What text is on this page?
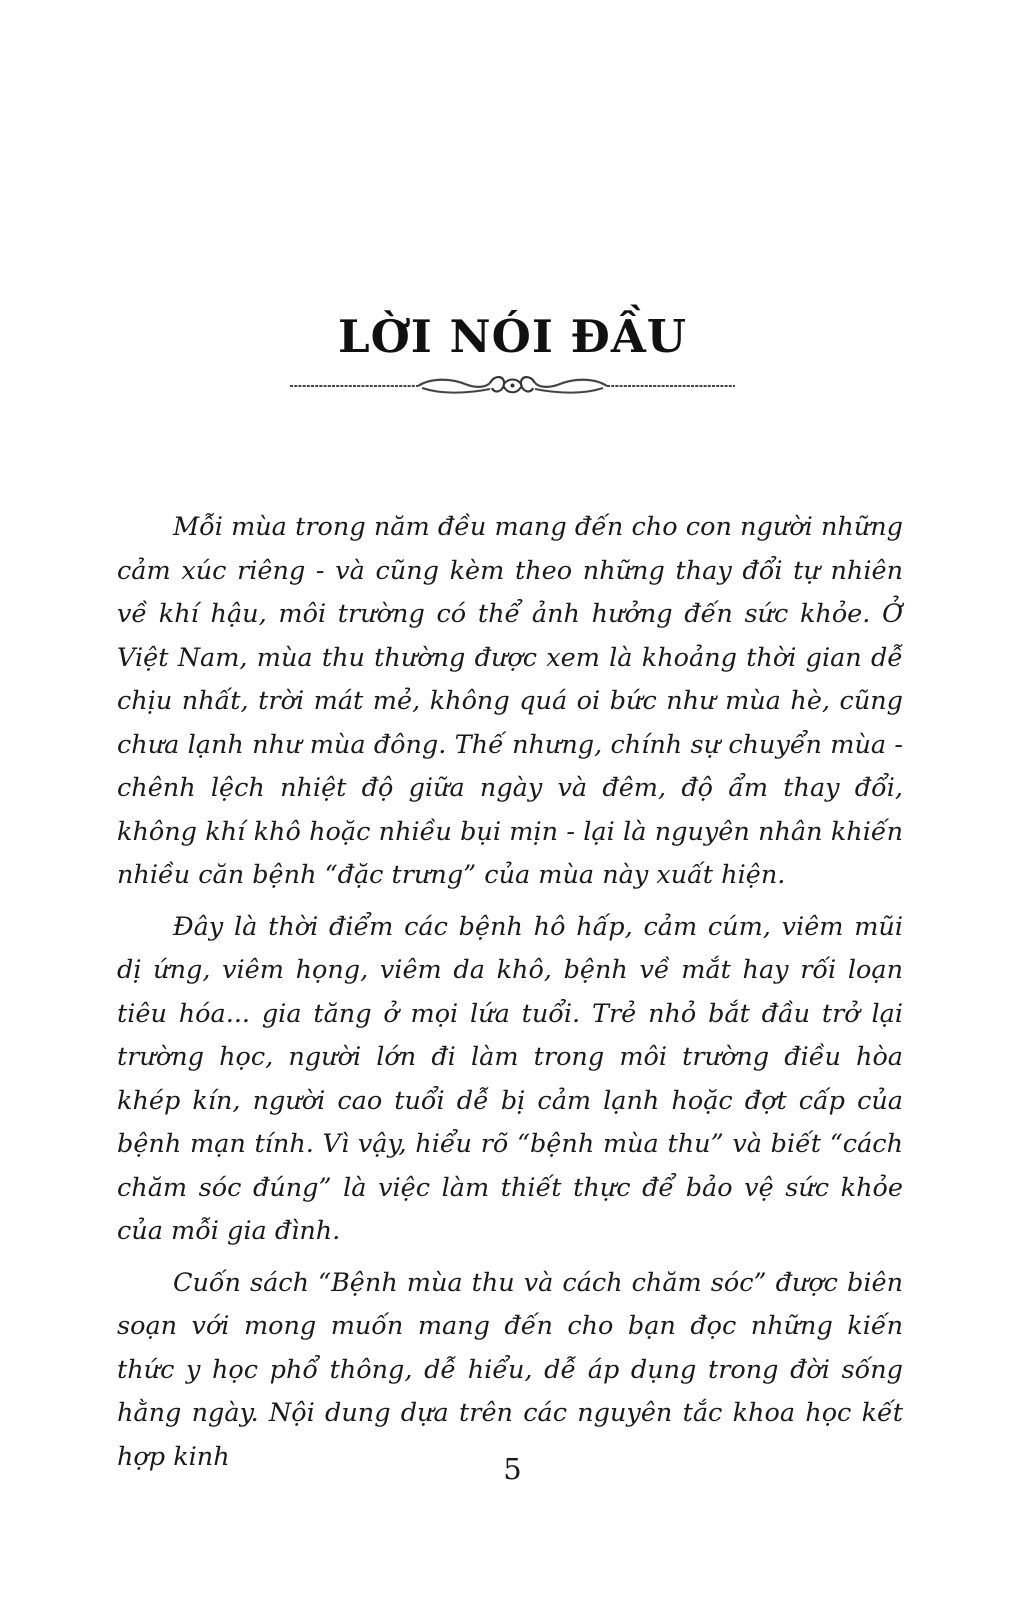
LỜI NÓI ĐẦU

Mỗi mùa trong năm đều mang đến cho con người những cảm xúc riêng - và cũng kèm theo những thay đổi tự nhiên về khí hậu, môi trường có thể ảnh hưởng đến sức khỏe. Ở Việt Nam, mùa thu thường được xem là khoảng thời gian dễ chịu nhất, trời mát mẻ, không quá oi bức như mùa hè, cũng chưa lạnh như mùa đông. Thế nhưng, chính sự chuyển mùa - chênh lệch nhiệt độ giữa ngày và đêm, độ ẩm thay đổi, không khí khô hoặc nhiều bụi mịn - lại là nguyên nhân khiến nhiều căn bệnh “đặc trưng” của mùa này xuất hiện.

Đây là thời điểm các bệnh hô hấp, cảm cúm, viêm mũi dị ứng, viêm họng, viêm da khô, bệnh về mắt hay rối loạn tiêu hóa... gia tăng ở mọi lứa tuổi. Trẻ nhỏ bắt đầu trở lại trường học, người lớn đi làm trong môi trường điều hòa khép kín, người cao tuổi dễ bị cảm lạnh hoặc đợt cấp của bệnh mạn tính. Vì vậy, hiểu rõ “bệnh mùa thu” và biết “cách chăm sóc đúng” là việc làm thiết thực để bảo vệ sức khỏe của mỗi gia đình.

Cuốn sách “Bệnh mùa thu và cách chăm sóc” được biên soạn với mong muốn mang đến cho bạn đọc những kiến thức y học phổ thông, dễ hiểu, dễ áp dụng trong đời sống hằng ngày. Nội dung dựa trên các nguyên tắc khoa học kết hợp kinh	5
